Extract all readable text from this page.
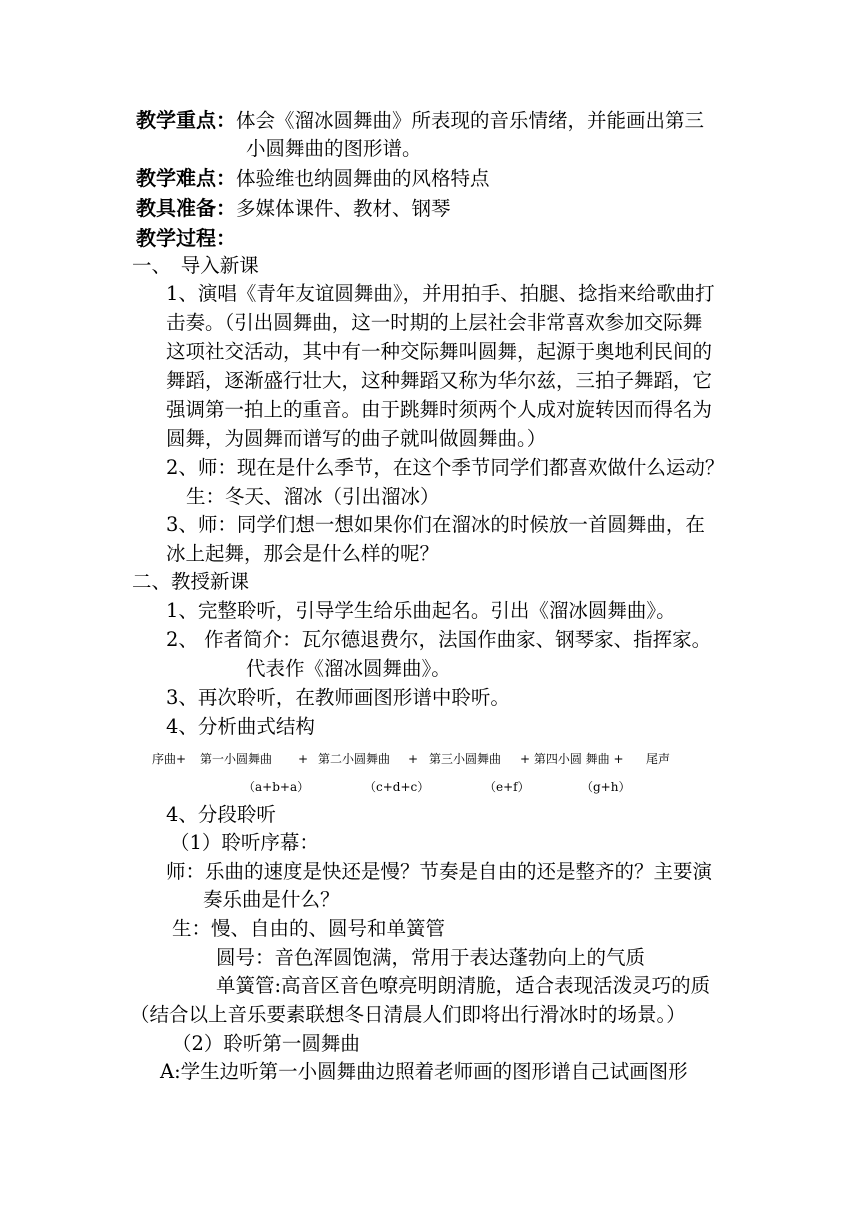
教学重点：体会《溜冰圆舞曲》所表现的音乐情绪，并能画出第三
小圆舞曲的图形谱。
教学难点：体验维也纳圆舞曲的风格特点
教具准备：多媒体课件、教材、钢琴
教学过程：
一、　导入新课
1、演唱《青年友谊圆舞曲》，并用拍手、拍腿、捻指来给歌曲打
击奏。（引出圆舞曲，这一时期的上层社会非常喜欢参加交际舞
这项社交活动，其中有一种交际舞叫圆舞，起源于奥地利民间的
舞蹈，逐渐盛行壮大，这种舞蹈又称为华尔兹，三拍子舞蹈，它
强调第一拍上的重音。由于跳舞时须两个人成对旋转因而得名为
圆舞，为圆舞而谱写的曲子就叫做圆舞曲。）
2、师：现在是什么季节，在这个季节同学们都喜欢做什么运动？
生：冬天、溜冰（引出溜冰）
3、师：同学们想一想如果你们在溜冰的时候放一首圆舞曲，在
冰上起舞，那会是什么样的呢？
二、教授新课
1、完整聆听，引导学生给乐曲起名。引出《溜冰圆舞曲》。
2、 作者简介：瓦尔德退费尔，法国作曲家、钢琴家、指挥家。
代表作《溜冰圆舞曲》。
3、再次聆听，在教师画图形谱中聆听。
4、分析曲式结构
序曲+ 第一小圆舞曲 + 第二小圆舞曲 + 第三小圆舞曲 + 第四小圆 舞曲 + 尾声
（a+b+a）	（c+d+c）	（e+f）	（g+h）
4、分段聆听
（1）聆听序幕：
师：乐曲的速度是快还是慢？节奏是自由的还是整齐的？主要演
奏乐曲是什么？
生：慢、自由的、圆号和单簧管
圆号：音色浑圆饱满，常用于表达蓬勃向上的气质
单簧管:高音区音色嘹亮明朗清脆，适合表现活泼灵巧的质
（结合以上音乐要素联想冬日清晨人们即将出行滑冰时的场景。）
（2）聆听第一圆舞曲
A:学生边听第一小圆舞曲边照着老师画的图形谱自己试画图形
